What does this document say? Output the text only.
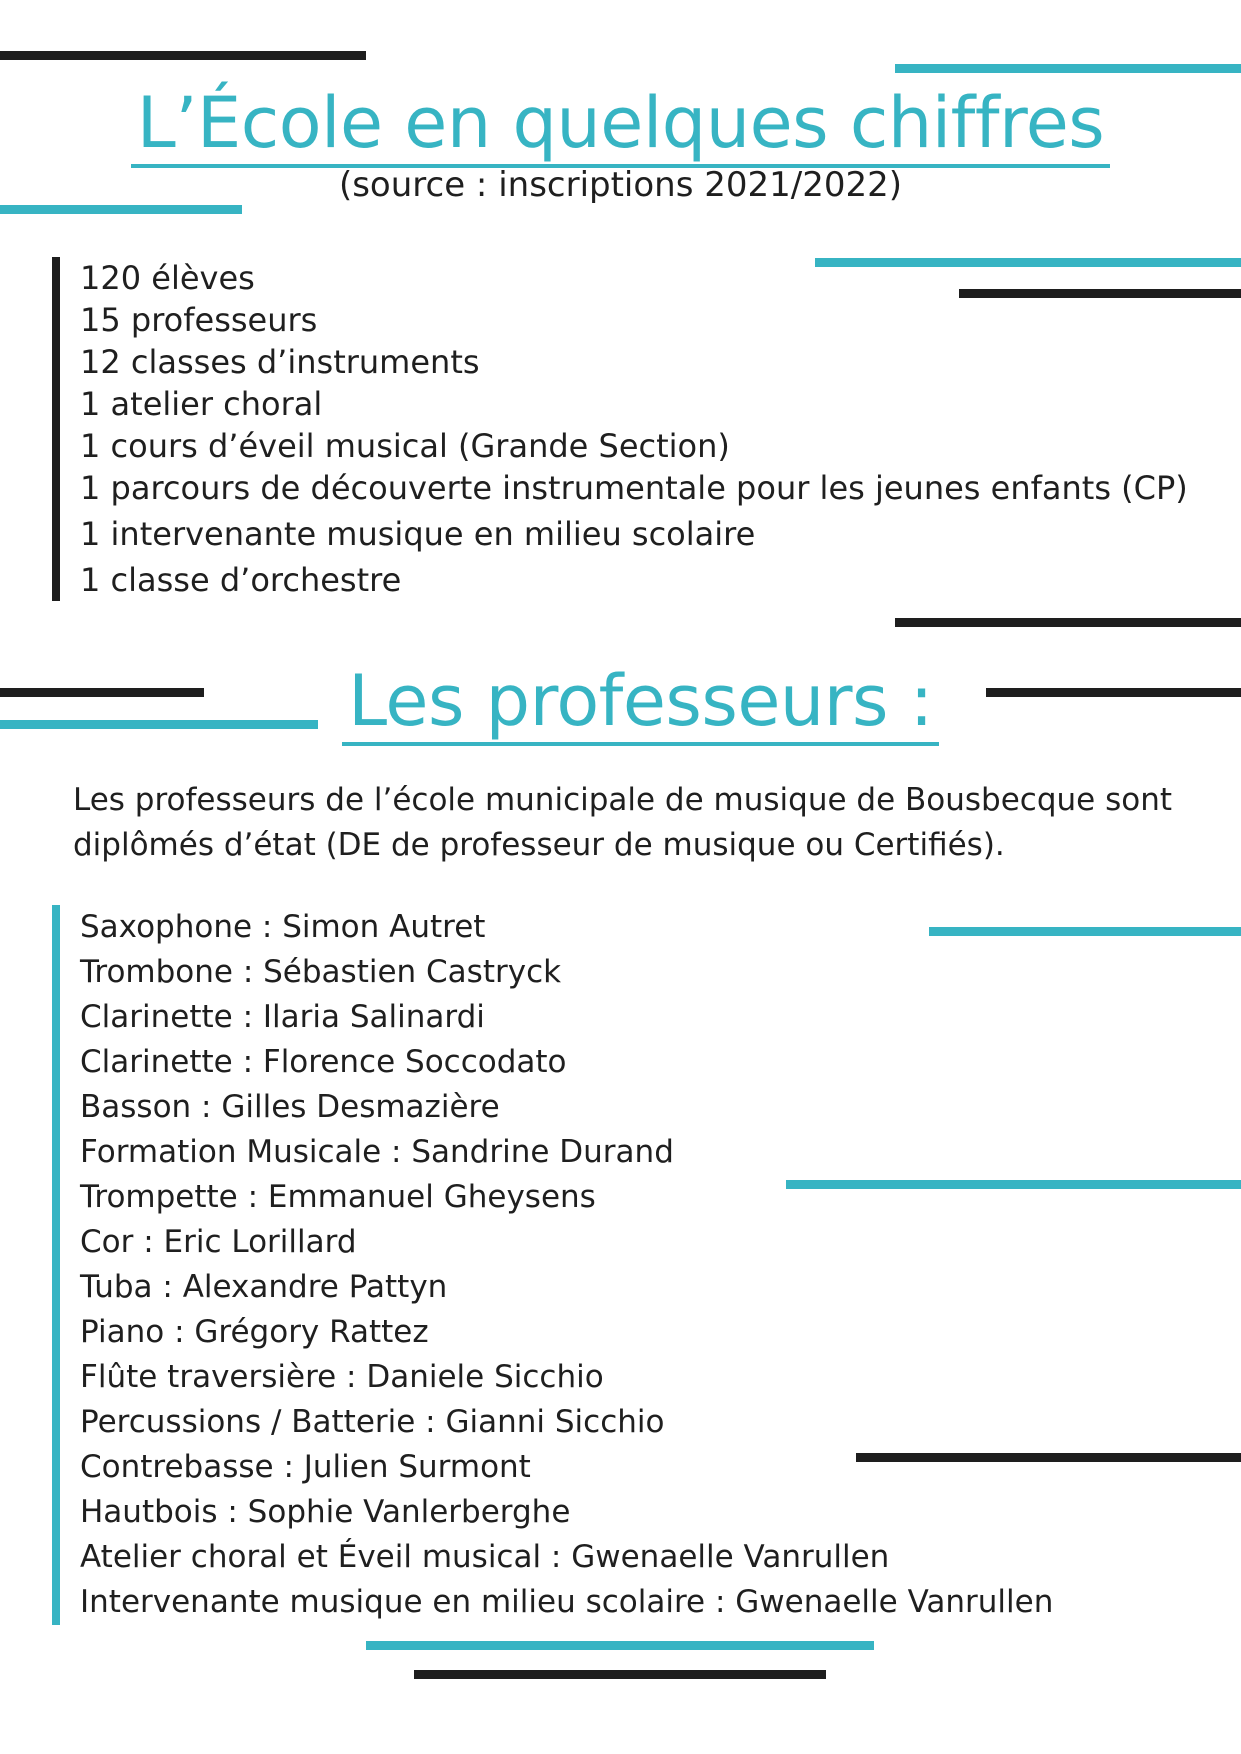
L’École en quelques chiffres
(source : inscriptions 2021/2022)
120 élèves
15 professeurs
12 classes d’instruments
1 atelier choral
1 cours d’éveil musical (Grande Section)
1 parcours de découverte instrumentale pour les jeunes enfants (CP)
1 intervenante musique en milieu scolaire
1 classe d’orchestre
Les professeurs :
Les professeurs de l’école municipale de musique de Bousbecque sont
diplômés d’état (DE de professeur de musique ou Certifiés).
Saxophone : Simon Autret
Trombone : Sébastien Castryck
Clarinette : Ilaria Salinardi
Clarinette : Florence Soccodato
Basson : Gilles Desmazière
Formation Musicale : Sandrine Durand
Trompette : Emmanuel Gheysens
Cor : Eric Lorillard
Tuba : Alexandre Pattyn
Piano : Grégory Rattez
Flûte traversière : Daniele Sicchio
Percussions / Batterie : Gianni Sicchio
Contrebasse : Julien Surmont
Hautbois : Sophie Vanlerberghe
Atelier choral et Éveil musical : Gwenaelle Vanrullen
Intervenante musique en milieu scolaire : Gwenaelle Vanrullen
